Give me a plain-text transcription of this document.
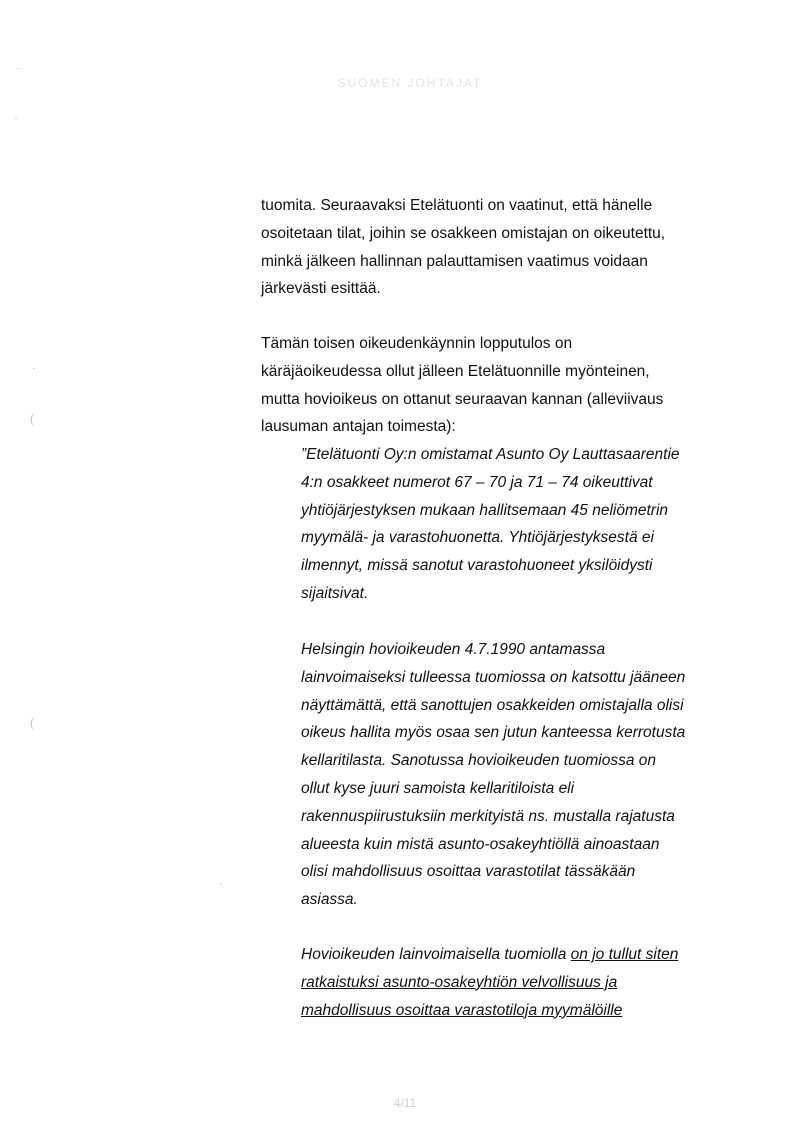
SUOMEN JOHTAJAT
(
(

tuomita. Seuraavaksi Etelätuonti on vaatinut, että hänelle

osoitetaan tilat, joihin se osakkeen omistajan on oikeutettu,

minkä jälkeen hallinnan palauttamisen vaatimus voidaan

järkevästi esittää.

Tämän toisen oikeudenkäynnin lopputulos on

käräjäoikeudessa ollut jälleen Etelätuonnille myönteinen,

mutta hovioikeus on ottanut seuraavan kannan (alleviivaus

lausuman antajan toimesta):

”Etelätuonti Oy:n omistamat Asunto Oy Lauttasaarentie

4:n osakkeet numerot 67 – 70 ja 71 – 74 oikeuttivat

yhtiöjärjestyksen mukaan hallitsemaan 45 neliömetrin

myymälä- ja varastohuonetta. Yhtiöjärjestyksestä ei

ilmennyt, missä sanotut varastohuoneet yksilöidysti

sijaitsivat.

Helsingin hovioikeuden 4.7.1990 antamassa

lainvoimaiseksi tulleessa tuomiossa on katsottu jääneen

näyttämättä, että sanottujen osakkeiden omistajalla olisi

oikeus hallita myös osaa sen jutun kanteessa kerrotusta

kellaritilasta. Sanotussa hovioikeuden tuomiossa on

ollut kyse juuri samoista kellaritiloista eli

rakennuspiirustuksiin merkityistä ns. mustalla rajatusta

alueesta kuin mistä asunto-osakeyhtiöllä ainoastaan

olisi mahdollisuus osoittaa varastotilat tässäkään

asiassa.

Hovioikeuden lainvoimaisella tuomiolla on jo tullut siten

ratkaistuksi asunto-osakeyhtiön velvollisuus ja

mahdollisuus osoittaa varastotiloja myymälöille

4/11
